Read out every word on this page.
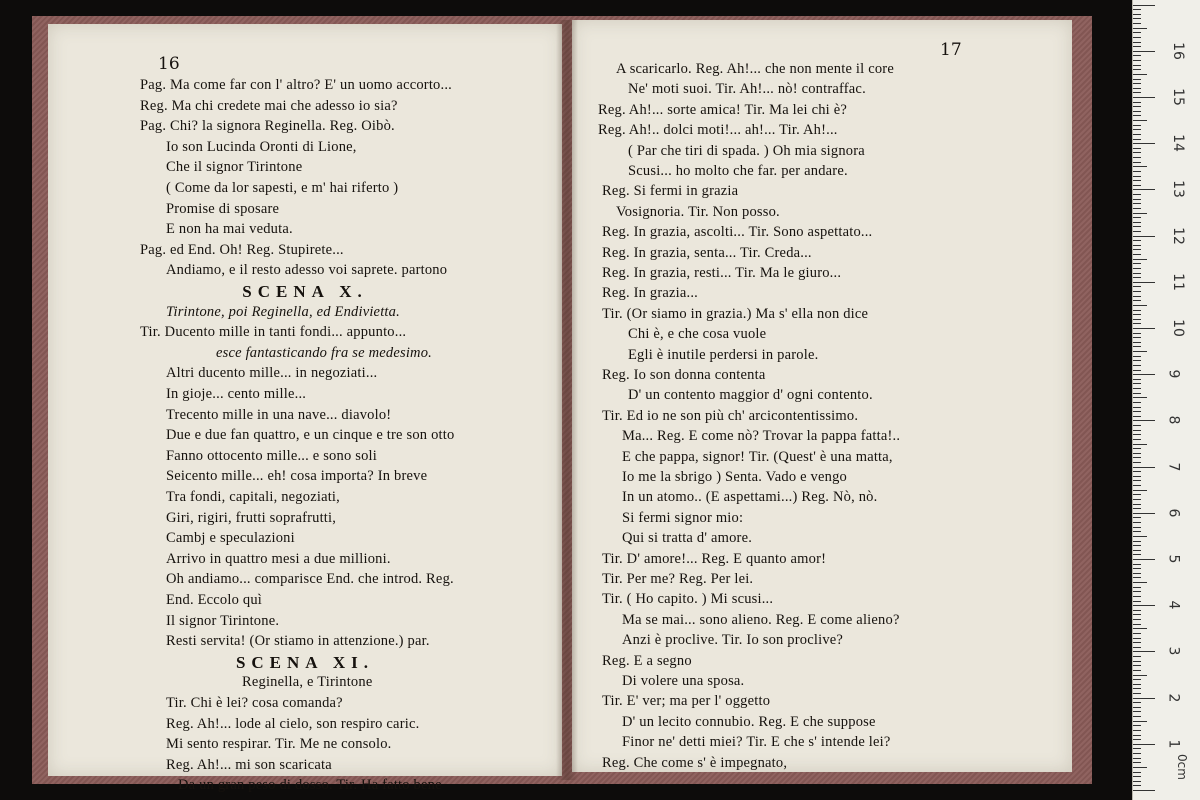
16
Pag. Ma come far con l' altro? E' un uomo accorto...
Reg. Ma chi credete mai che adesso io sia?
Pag. Chi? la signora Reginella. Reg. Oibò.
Io son Lucinda Oronti di Lione,
Che il signor Tirintone
( Come da lor sapesti, e m' hai riferto )
Promise di sposare
E non ha mai veduta.
Pag. ed End. Oh! Reg. Stupirete...
Andiamo, e il resto adesso voi saprete. partono
SCENA X.
Tirintone, poi Reginella, ed Endivietta.
Tir. Ducento mille in tanti fondi... appunto...
esce fantasticando fra se medesimo.
Altri ducento mille... in negoziati...
In gioje... cento mille...
Trecento mille in una nave... diavolo!
Due e due fan quattro, e un cinque e tre son otto
Fanno ottocento mille... e sono soli
Seicento mille... eh! cosa importa? In breve
Tra fondi, capitali, negoziati,
Giri, rigiri, frutti soprafrutti,
Cambj e speculazioni
Arrivo in quattro mesi a due millioni.
Oh andiamo... comparisce End. che introd. Reg.
End. Eccolo quì
Il signor Tirintone.
Resti servita! (Or stiamo in attenzione.) par.
SCENA XI.
Reginella, e Tirintone
Tir. Chi è lei? cosa comanda?
Reg. Ah!... lode al cielo, son respiro caric.
Mi sento respirar. Tir. Me ne consolo.
Reg. Ah!... mi son scaricata
Da un gran peso di dosso. Tir. Ha fatto bene
17
A scaricarlo. Reg. Ah!... che non mente il core
Ne' moti suoi. Tir. Ah!... nò! contraffac.
Reg. Ah!... sorte amica! Tir. Ma lei chi è?
Reg. Ah!.. dolci moti!... ah!... Tir. Ah!...
( Par che tiri di spada. ) Oh mia signora
Scusi... ho molto che far. per andare.
Reg. Si fermi in grazia
Vosignoria. Tir. Non posso.
Reg. In grazia, ascolti... Tir. Sono aspettato...
Reg. In grazia, senta... Tir. Creda...
Reg. In grazia, resti... Tir. Ma le giuro...
Reg. In grazia...
Tir. (Or siamo in grazia.) Ma s' ella non dice
Chi è, e che cosa vuole
Egli è inutile perdersi in parole.
Reg. Io son donna contenta
D' un contento maggior d' ogni contento.
Tir. Ed io ne son più ch' arcicontentissimo.
Ma... Reg. E come nò? Trovar la pappa fatta!..
E che pappa, signor! Tir. (Quest' è una matta,
Io me la sbrigo ) Senta. Vado e vengo
In un atomo.. (E aspettami...) Reg. Nò, nò.
Si fermi signor mio:
Qui si tratta d' amore.
Tir. D' amore!... Reg. E quanto amor!
Tir. Per me? Reg. Per lei.
Tir. ( Ho capito. ) Mi scusi...
Ma se mai... sono alieno. Reg. E come alieno?
Anzi è proclive. Tir. Io son proclive?
Reg. E a segno
Di volere una sposa.
Tir. E' ver; ma per l' oggetto
D' un lecito connubio. Reg. E che suppose
Finor ne' detti miei? Tir. E che s' intende lei?
Reg. Che come s' è impegnato,	0cm
16
15
14
13
12
11
10
9
8
7
6
5
4
3
2
1
